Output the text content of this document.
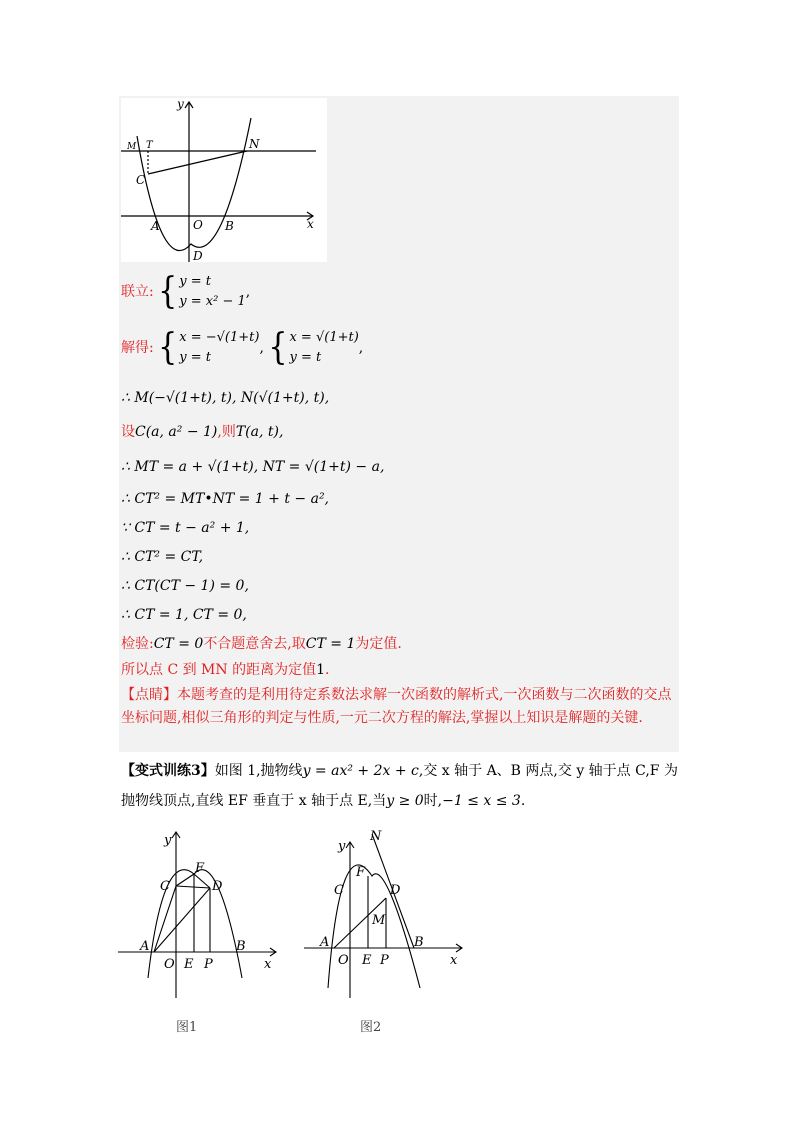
y
x
M T	N
C
A	O B
D
联立: { y = t
y = x² − 1
,
解得: { x = −√(1+t)
y = t
, { x = √(1+t)
y = t
,
∴ M(−√(1+t), t), N(√(1+t), t),
设C(a, a² − 1),则T(a, t),
∴ MT = a + √(1+t), NT = √(1+t) − a,
∴ CT² = MT•NT = 1 + t − a²,
∵ CT = t − a² + 1,
∴ CT² = CT,
∴ CT(CT − 1) = 0,
∴ CT = 1, CT = 0,
检验:CT = 0不合题意舍去,取CT = 1为定值.
所以点 C 到 MN 的距离为定值1.
【点睛】本题考查的是利用待定系数法求解一次函数的解析式,一次函数与二次函数的交点坐标问题,相似三角形的判定与性质,一元二次方程的解法,掌握以上知识是解题的关键.
【变式训练3】如图 1,抛物线y = ax² + 2x + c,交 x 轴于 A、B 两点,交 y 轴于点 C,F 为
抛物线顶点,直线 EF 垂直于 x 轴于点 E,当y ≥ 0时,−1 ≤ x ≤ 3.
y
x
C
F
D
A
O E P
B
图1
y
N
x
C
F
D
M
A
O E P
B
图2
